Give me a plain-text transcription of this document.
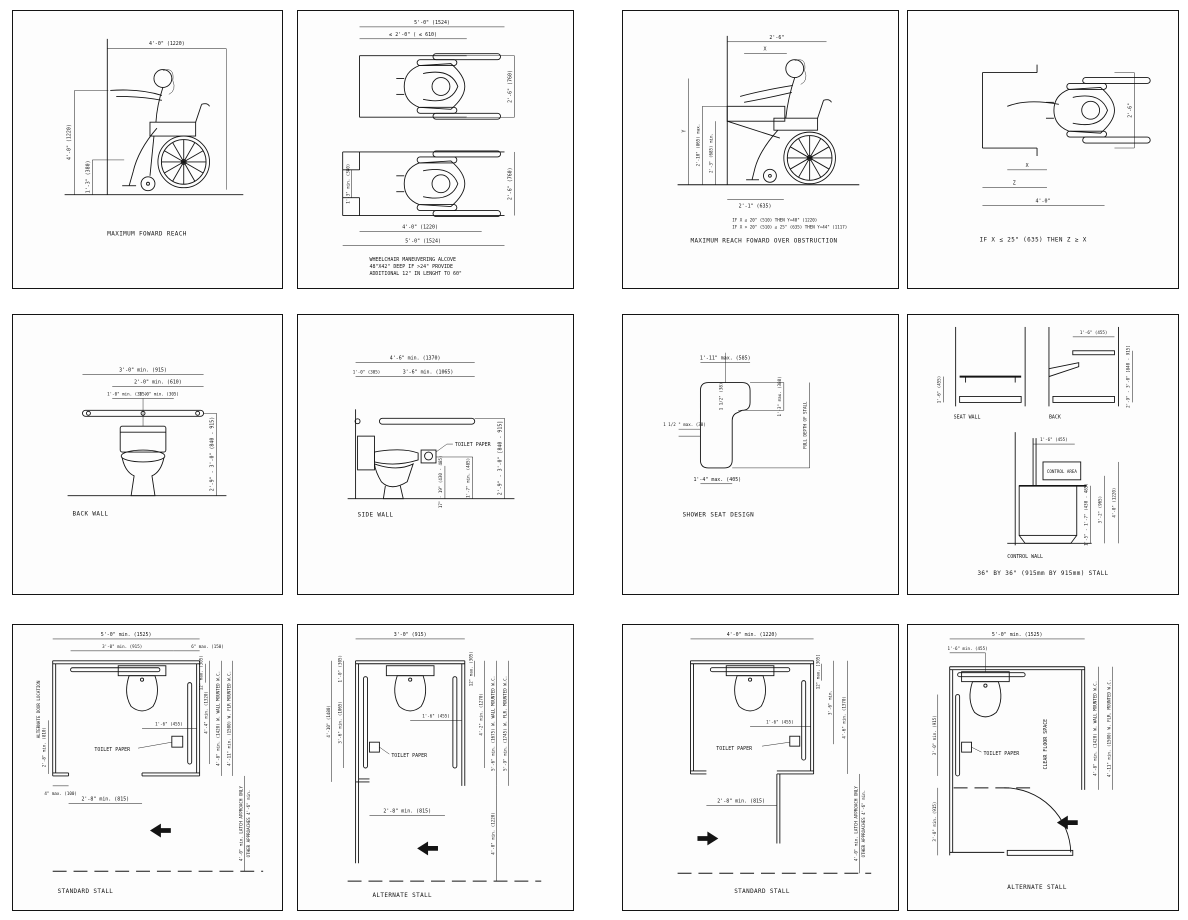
4'-0" (1220)
4'-0" (1220)
1'-3" (380)
MAXIMUM FOWARD REACH
5'-0" (1524)
≤ 2'-0" ( ≤ 610)
2'-6" (760)
1'-3" min. (380)	2'-6" (760)
4'-0" (1220)
5'-0" (1524)
WHEELCHAIR MANEUVERING ALCOVE
48"X42" DEEP IF >24" PROVIDE
ADDITIONAL 12" IN LENGHT TO 60"
2'-6"
X
Y 2'-10" (865) max. 2'-3" (685) min.
2'-1" (635)
IF X ≤ 20" (510) THEN Y=48" (1220)
IF X > 20" (510) ≤ 25" (635) THEN Y=44" (1117)
MAXIMUM REACH FOWARD OVER OBSTRUCTION
2'-6"
X
Z
4'-0"
IF X ≤ 25" (635) THEN Z ≥ X
3'-0" min. (915)
2'-0" min. (610)
1'-0" min. (305)
1'-0" min. (305)
2'-9" - 3'-0" (840 - 915)
BACK WALL
TOILET PAPER
4'-6" min. (1370)
1'-0" (305)	3'-6" min. (1065)
2'-9" - 3'-0" [840 - 915]
17" - 19" (430 - 485)	1'-7" min. (485)
SIDE WALL
1'-11" max. (585)
1 1/2" (38)
1 1/2 " max. (38)
1'-4" max. (405)
1'-3" max. (380)
FULL DEPTH OF STALL
SHOWER SEAT DESIGN
1'-6" (455)
SEAT WALL
1'-6" (455)
2'-9" - 3'-0" [840 - 915]
BACK
CONTROL AREA
1'-6" (455)
1'-5" - 1'-7" (430 - 485) 3'-2" (965) 4'-0" (1220)
CONTROL WALL
36" BY 36" (915mm BY 915mm) STALL
TOILET PAPER
5'-0" min. (1525)
3'-0" min. (915)	6" max. (150)
12" max. (305)
1'-6" (455)
ALTERNATE DOOR LOCATION
2'-8" min. (810)
4" max. (100)
2'-8" min. (815)
4'-4" min. (1320) 4'-8" min. (1420) W. WALL MOUNTED W.C. 4'-11" min. (1500) W. FLR MOUNTED W.C.
4'-0" min. LATCH APPROACH ONLY OTHER APPROACHES 4'-6" min.
STANDARD STALL
TOILET PAPER
3'-0" (915)
1'-0" (305)
3'-6" min. (1065)
4'-10" (1480)	1'-6" (455)
12" max. (305)
4'-2" min. (1270) 5'-6" min. (1675) W. WALL MOUNTED W.C. 5'-9" min. (1745) W. FLR. MOUNTED W.C.
2'-8" min. (815)
4'-0" min. (1220)
ALTERNATE STALL
TOILET PAPER
4'-0" min. (1220)
12" max. [305]
1'-6" (455)
3'-6" min. 4'-6" min. (1370)
2'-8" min. (815)	4'-0" min. LATCH APPROACH ONLY OTHER APPROACHES 4'-6" min.
STANDARD STALL
TOILET PAPER	CLEAR FLOOR SPACE
5'-0" min. (1525)
1'-6" min. (455)
3'-0" min. (915)
3'-0" min. (915)
4'-8" min. (1420) W. WALL MOUNTED W.C. 4'-11" min. (1500) W. FLR. MOUNTED W.C.
ALTERNATE STALL
